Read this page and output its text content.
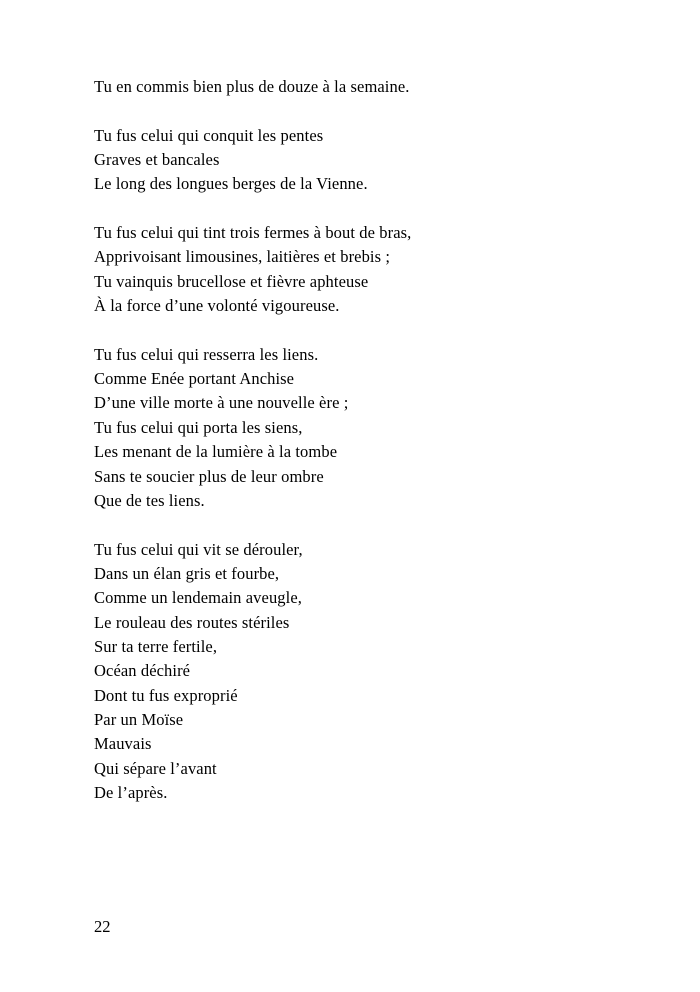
Tu en commis bien plus de douze à la semaine.

Tu fus celui qui conquit les pentes
Graves et bancales
Le long des longues berges de la Vienne.

Tu fus celui qui tint trois fermes à bout de bras,
Apprivoisant limousines, laitières et brebis ;
Tu vainquis brucellose et fièvre aphteuse
À la force d’une volonté vigoureuse.

Tu fus celui qui resserra les liens.
Comme Enée portant Anchise
D’une ville morte à une nouvelle ère ;
Tu fus celui qui porta les siens,
Les menant de la lumière à la tombe
Sans te soucier plus de leur ombre
Que de tes liens.

Tu fus celui qui vit se dérouler,
Dans un élan gris et fourbe,
Comme un lendemain aveugle,
Le rouleau des routes stériles
Sur ta terre fertile,
Océan déchiré
Dont tu fus exproprié
Par un Moïse
Mauvais
Qui sépare l’avant
De l’après.

22
